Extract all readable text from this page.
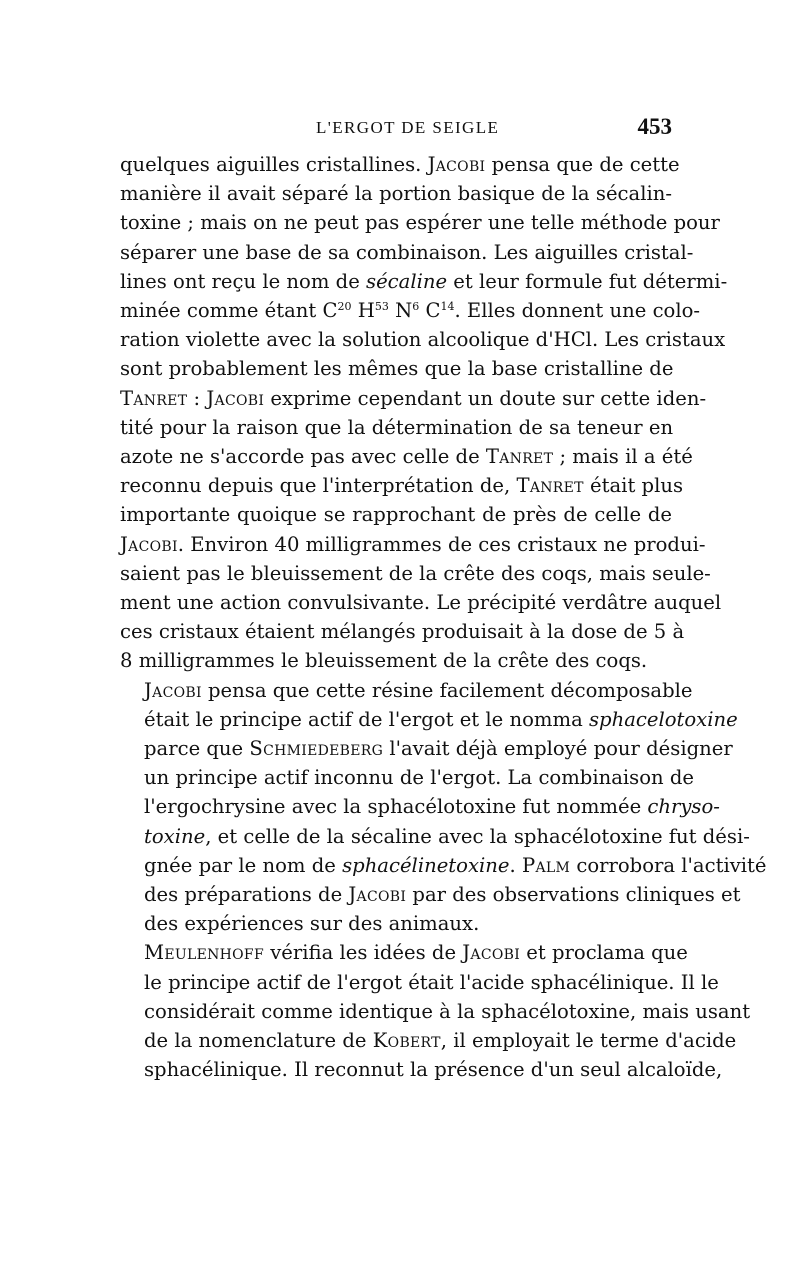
L'ERGOT DE SEIGLE	453

quelques aiguilles cristallines. Jacobi pensa que de cette
manière il avait séparé la portion basique de la sécalin-
toxine ; mais on ne peut pas espérer une telle méthode pour
séparer une base de sa combinaison. Les aiguilles cristal-
lines ont reçu le nom de sécaline et leur formule fut détermi-
minée comme étant $C^{20}$ $H^{53}$ $N^6$ $C^{14}$. Elles donnent une colo-
ration violette avec la solution alcoolique d'HCl. Les cristaux
sont probablement les mêmes que la base cristalline de
Tanret : Jacobi exprime cependant un doute sur cette iden-
tité pour la raison que la détermination de sa teneur en
azote ne s'accorde pas avec celle de Tanret ; mais il a été
reconnu depuis que l'interprétation de, Tanret était plus
importante quoique se rapprochant de près de celle de
Jacobi. Environ 40 milligrammes de ces cristaux ne produi-
saient pas le bleuissement de la crête des coqs, mais seule-
ment une action convulsivante. Le précipité verdâtre auquel
ces cristaux étaient mélangés produisait à la dose de 5 à
8 milligrammes le bleuissement de la crête des coqs.

Jacobi pensa que cette résine facilement décomposable
était le principe actif de l'ergot et le nomma sphacelotoxine
parce que Schmiedeberg l'avait déjà employé pour désigner
un principe actif inconnu de l'ergot. La combinaison de
l'ergochrysine avec la sphacélotoxine fut nommée chryso-
toxine, et celle de la sécaline avec la sphacélotoxine fut dési-
gnée par le nom de sphacélinetoxine. Palm corrobora l'activité
des préparations de Jacobi par des observations cliniques et
des expériences sur des animaux.

Meulenhoff vérifia les idées de Jacobi et proclama que
le principe actif de l'ergot était l'acide sphacélinique. Il le
considérait comme identique à la sphacélotoxine, mais usant
de la nomenclature de Kobert, il employait le terme d'acide
sphacélinique. Il reconnut la présence d'un seul alcaloïde,
